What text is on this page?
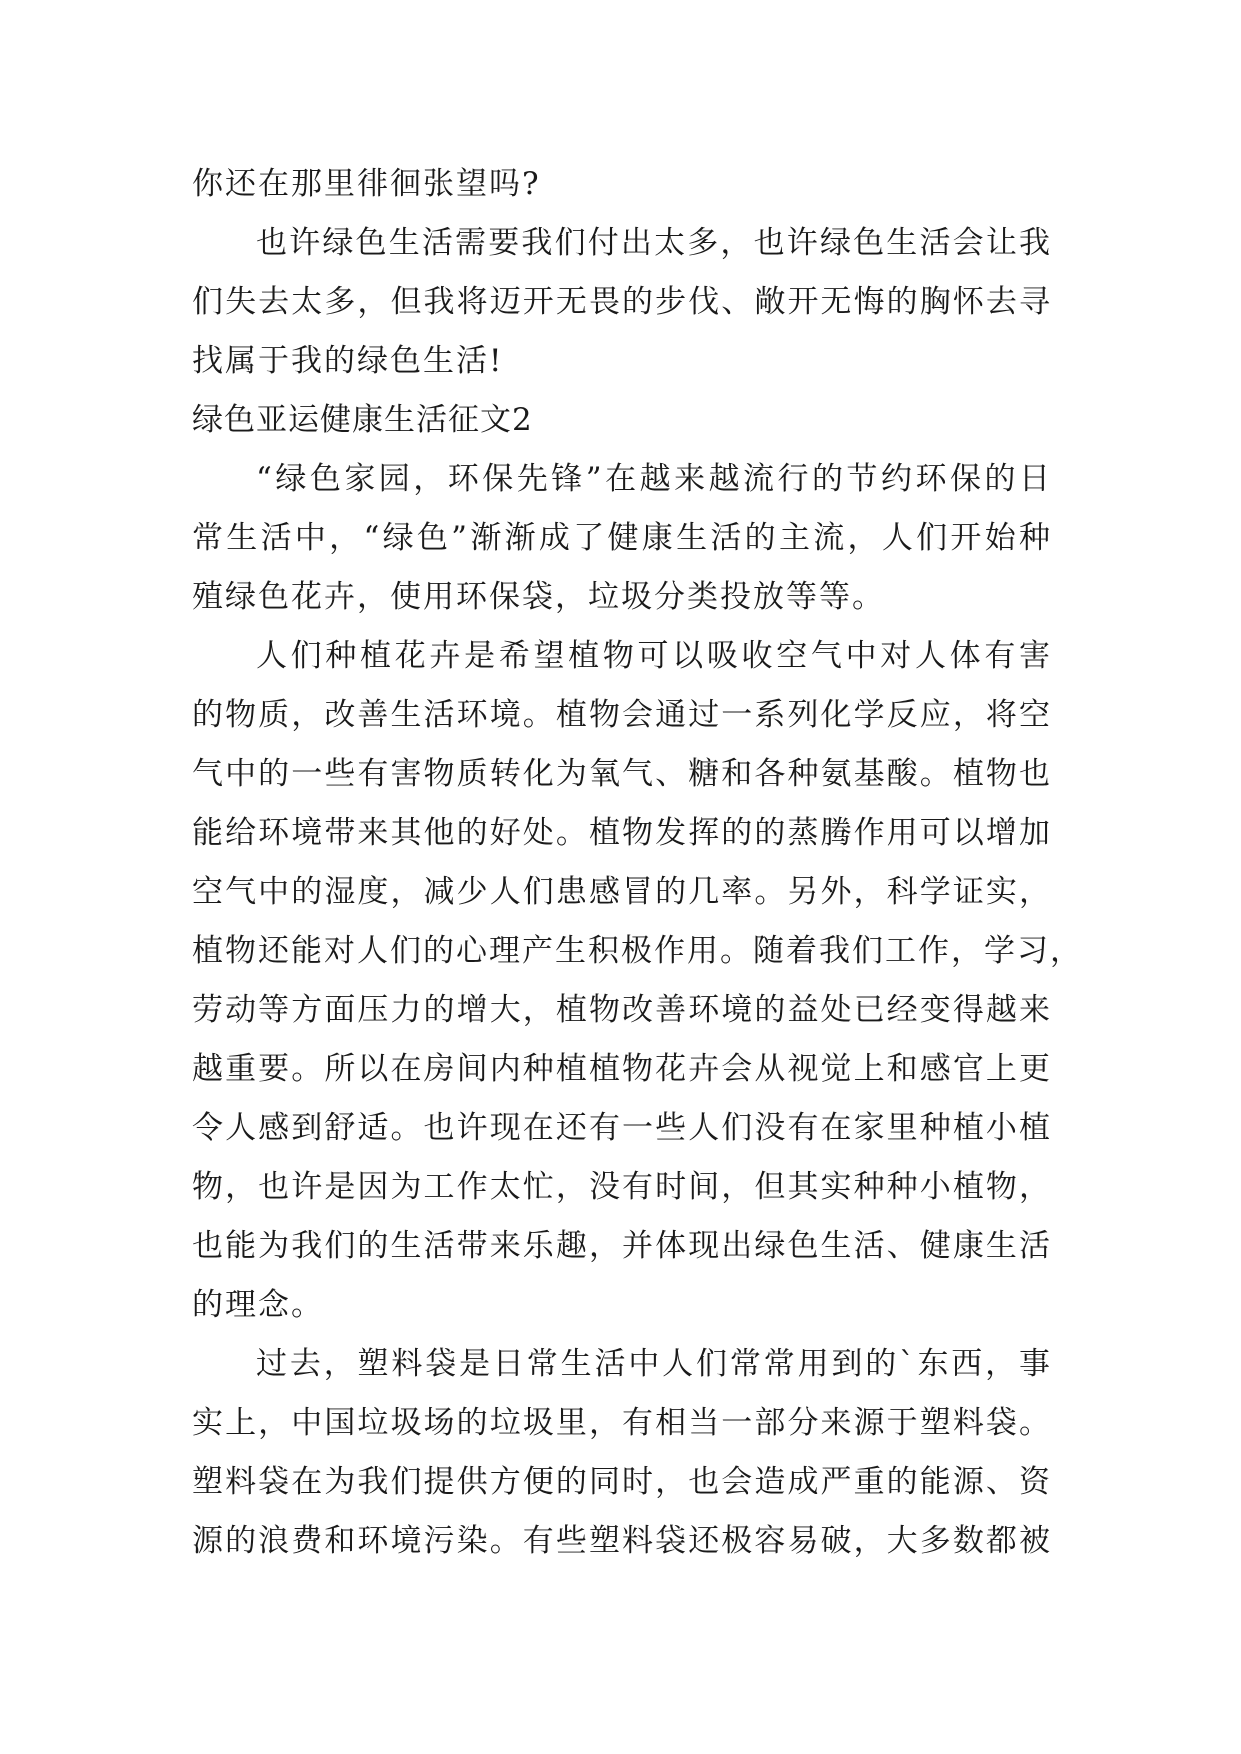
你还在那里徘徊张望吗?
也许绿色生活需要我们付出太多，也许绿色生活会让我
们失去太多，但我将迈开无畏的步伐、敞开无悔的胸怀去寻
找属于我的绿色生活!
绿色亚运健康生活征文2
“绿色家园，环保先锋”在越来越流行的节约环保的日
常生活中，“绿色”渐渐成了健康生活的主流，人们开始种
殖绿色花卉，使用环保袋，垃圾分类投放等等。
人们种植花卉是希望植物可以吸收空气中对人体有害
的物质，改善生活环境。植物会通过一系列化学反应，将空
气中的一些有害物质转化为氧气、糖和各种氨基酸。植物也
能给环境带来其他的好处。植物发挥的的蒸腾作用可以增加
空气中的湿度，减少人们患感冒的几率。另外，科学证实，
植物还能对人们的心理产生积极作用。随着我们工作，学习，
劳动等方面压力的增大，植物改善环境的益处已经变得越来
越重要。所以在房间内种植植物花卉会从视觉上和感官上更
令人感到舒适。也许现在还有一些人们没有在家里种植小植
物，也许是因为工作太忙，没有时间，但其实种种小植物，
也能为我们的生活带来乐趣，并体现出绿色生活、健康生活
的理念。
过去，塑料袋是日常生活中人们常常用到的`东西，事
实上，中国垃圾场的垃圾里，有相当一部分来源于塑料袋。
塑料袋在为我们提供方便的同时，也会造成严重的能源、资
源的浪费和环境污染。有些塑料袋还极容易破，大多数都被
